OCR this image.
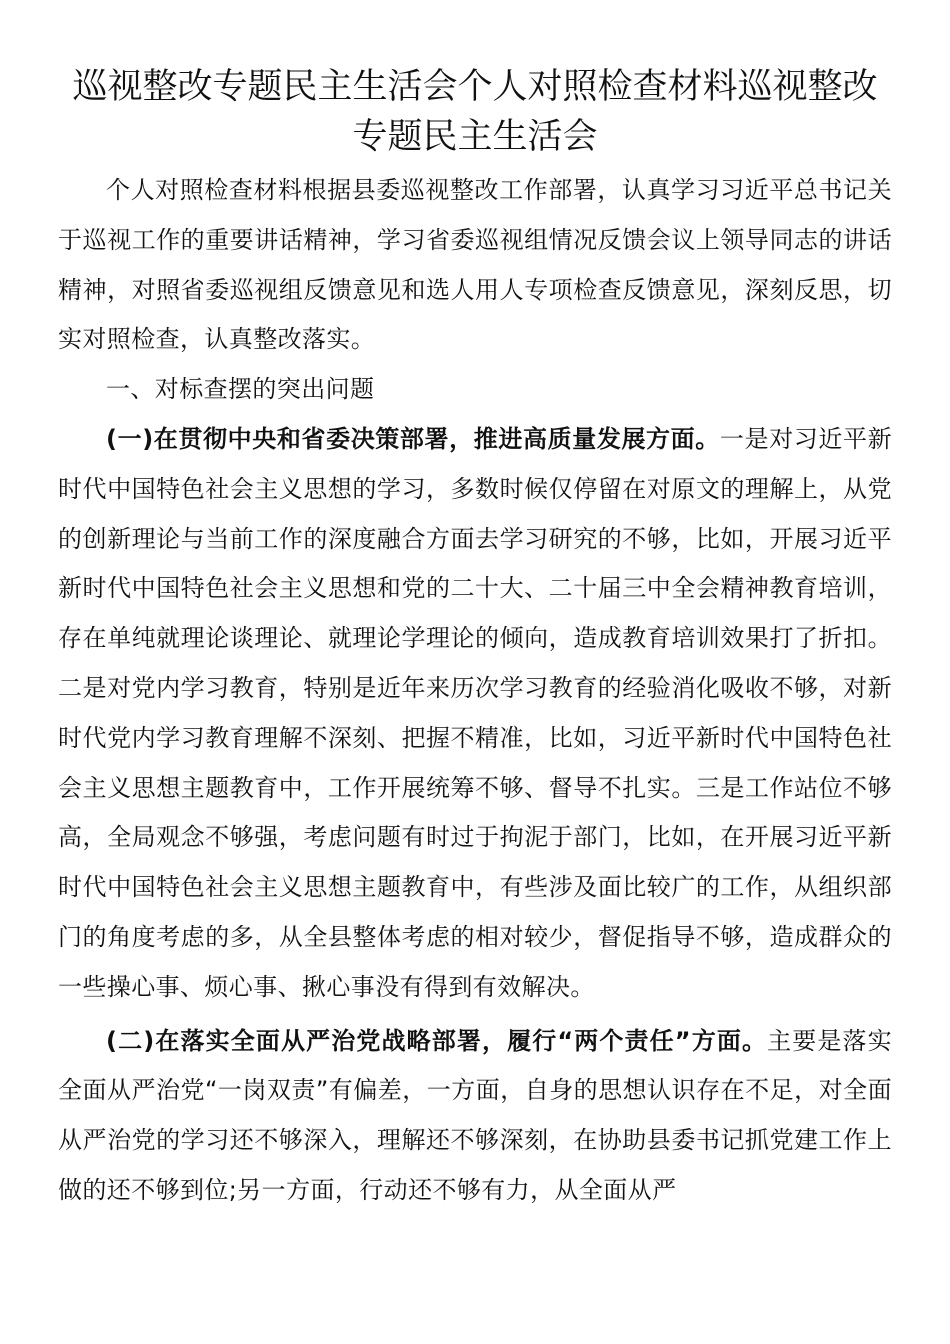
巡视整改专题民主生活会个人对照检查材料巡视整改专题民主生活会

个人对照检查材料根据县委巡视整改工作部署，认真学习习近平总书记关于巡视工作的重要讲话精神，学习省委巡视组情况反馈会议上领导同志的讲话精神，对照省委巡视组反馈意见和选人用人专项检查反馈意见，深刻反思，切实对照检查，认真整改落实。

一、对标查摆的突出问题

(一)在贯彻中央和省委决策部署，推进高质量发展方面。一是对习近平新时代中国特色社会主义思想的学习，多数时候仅停留在对原文的理解上，从党的创新理论与当前工作的深度融合方面去学习研究的不够，比如，开展习近平新时代中国特色社会主义思想和党的二十大、二十届三中全会精神教育培训，存在单纯就理论谈理论、就理论学理论的倾向，造成教育培训效果打了折扣。二是对党内学习教育，特别是近年来历次学习教育的经验消化吸收不够，对新时代党内学习教育理解不深刻、把握不精准，比如，习近平新时代中国特色社会主义思想主题教育中，工作开展统筹不够、督导不扎实。三是工作站位不够高，全局观念不够强，考虑问题有时过于拘泥于部门，比如，在开展习近平新时代中国特色社会主义思想主题教育中，有些涉及面比较广的工作，从组织部门的角度考虑的多，从全县整体考虑的相对较少，督促指导不够，造成群众的一些操心事、烦心事、揪心事没有得到有效解决。

(二)在落实全面从严治党战略部署，履行“两个责任”方面。主要是落实全面从严治党“一岗双责”有偏差，一方面，自身的思想认识存在不足，对全面从严治党的学习还不够深入，理解还不够深刻，在协助县委书记抓党建工作上做的还不够到位;另一方面，行动还不够有力，从全面从严
